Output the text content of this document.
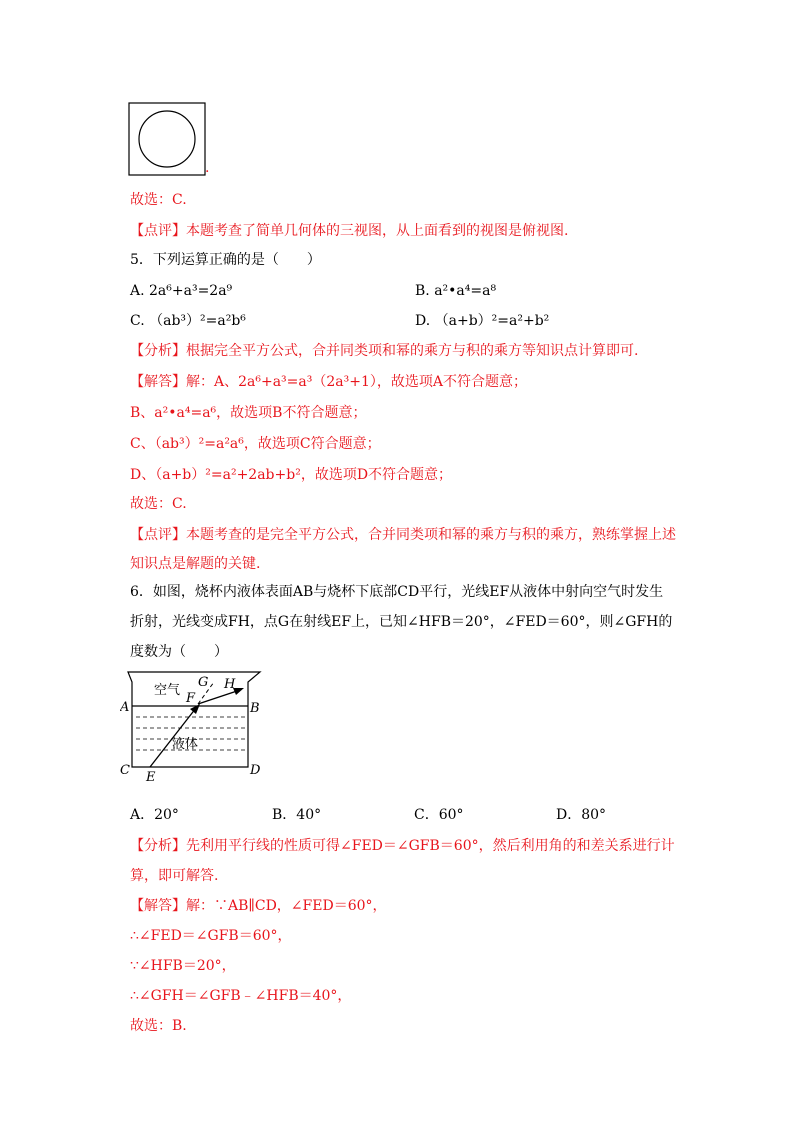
.
故选：C.
【点评】本题考查了简单几何体的三视图，从上面看到的视图是俯视图.
5．下列运算正确的是（　　）
A. 2a⁶+a³=2a⁹	B. a²•a⁴=a⁸
C. （ab³）²=a²b⁶	D. （a+b）²=a²+b²
【分析】根据完全平方公式，合并同类项和幂的乘方与积的乘方等知识点计算即可.
【解答】解：A、2a⁶+a³=a³（2a³+1），故选项A不符合题意；
B、a²•a⁴=a⁶，故选项B不符合题意；
C、（ab³）²=a²a⁶，故选项C符合题意；
D、（a+b）²=a²+2ab+b²，故选项D不符合题意；
故选：C.
【点评】本题考查的是完全平方公式，合并同类项和幂的乘方与积的乘方，熟练掌握上述
知识点是解题的关键.
6．如图，烧杯内液体表面AB与烧杯下底部CD平行，光线EF从液体中射向空气时发生
折射，光线变成FH，点G在射线EF上，已知∠HFB＝20°，∠FED＝60°，则∠GFH的
度数为（　　）
空气
液体
A	B
C	D
E
F
G H
A．20°	B．40°	C．60°	D．80°
【分析】先利用平行线的性质可得∠FED＝∠GFB＝60°，然后利用角的和差关系进行计
算，即可解答.
【解答】解：∵AB∥CD，∠FED＝60°，
∴∠FED＝∠GFB＝60°，
∵∠HFB＝20°，
∴∠GFH＝∠GFB﹣∠HFB＝40°，
故选：B.
